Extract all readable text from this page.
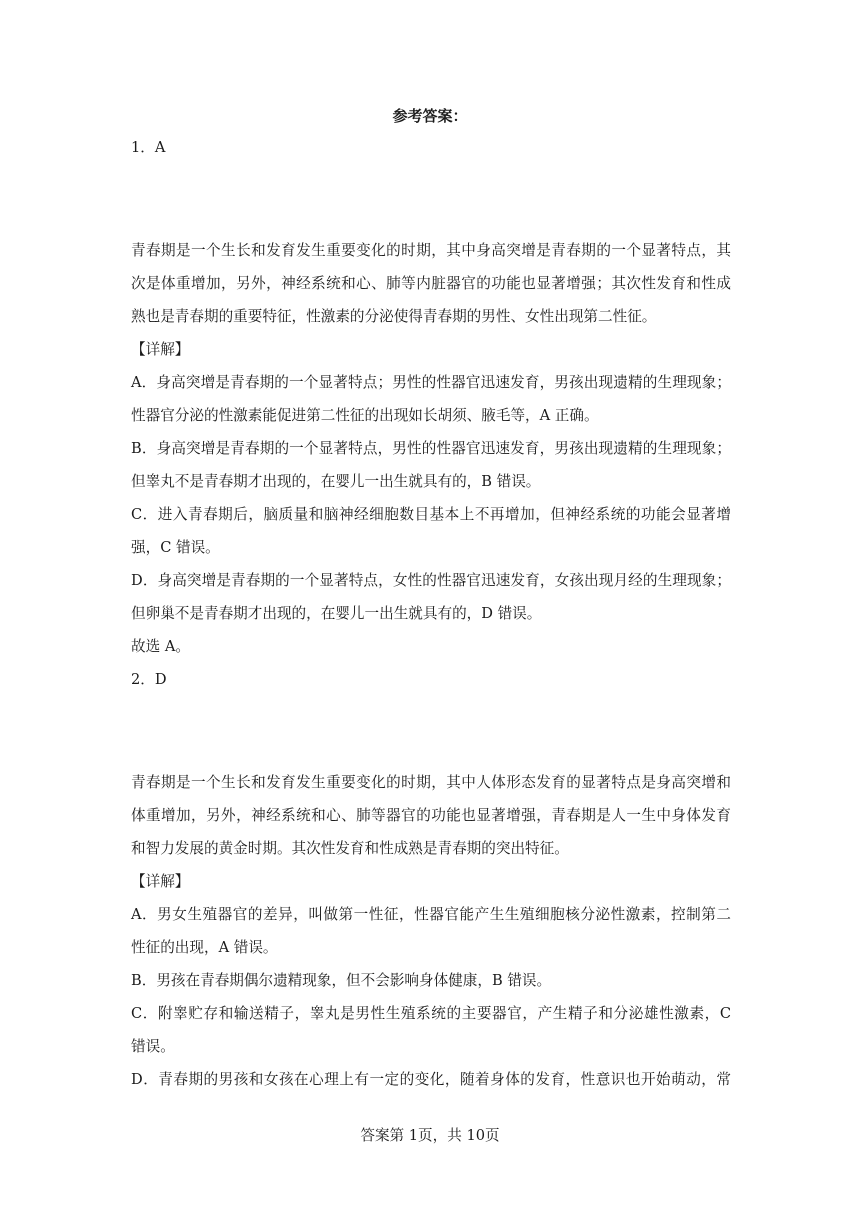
参考答案：
1．A
青春期是一个生长和发育发生重要变化的时期，其中身高突增是青春期的一个显著特点，其
次是体重增加，另外，神经系统和心、肺等内脏器官的功能也显著增强；其次性发育和性成
熟也是青春期的重要特征，性激素的分泌使得青春期的男性、女性出现第二性征。
【详解】
A．身高突增是青春期的一个显著特点；男性的性器官迅速发育，男孩出现遗精的生理现象；
性器官分泌的性激素能促进第二性征的出现如长胡须、腋毛等，A 正确。
B．身高突增是青春期的一个显著特点，男性的性器官迅速发育，男孩出现遗精的生理现象；
但睾丸不是青春期才出现的，在婴儿一出生就具有的，B 错误。
C．进入青春期后，脑质量和脑神经细胞数目基本上不再增加，但神经系统的功能会显著增
强，C 错误。
D．身高突增是青春期的一个显著特点，女性的性器官迅速发育，女孩出现月经的生理现象；
但卵巢不是青春期才出现的，在婴儿一出生就具有的，D 错误。
故选 A。
2．D
青春期是一个生长和发育发生重要变化的时期，其中人体形态发育的显著特点是身高突增和
体重增加，另外，神经系统和心、肺等器官的功能也显著增强，青春期是人一生中身体发育
和智力发展的黄金时期。其次性发育和性成熟是青春期的突出特征。
【详解】
A．男女生殖器官的差异，叫做第一性征，性器官能产生生殖细胞核分泌性激素，控制第二
性征的出现，A 错误。
B．男孩在青春期偶尔遗精现象，但不会影响身体健康，B 错误。
C．附睾贮存和输送精子，睾丸是男性生殖系统的主要器官，产生精子和分泌雄性激素，C
错误。
D．青春期的男孩和女孩在心理上有一定的变化，随着身体的发育，性意识也开始萌动，常
答案第 1页，共 10页
